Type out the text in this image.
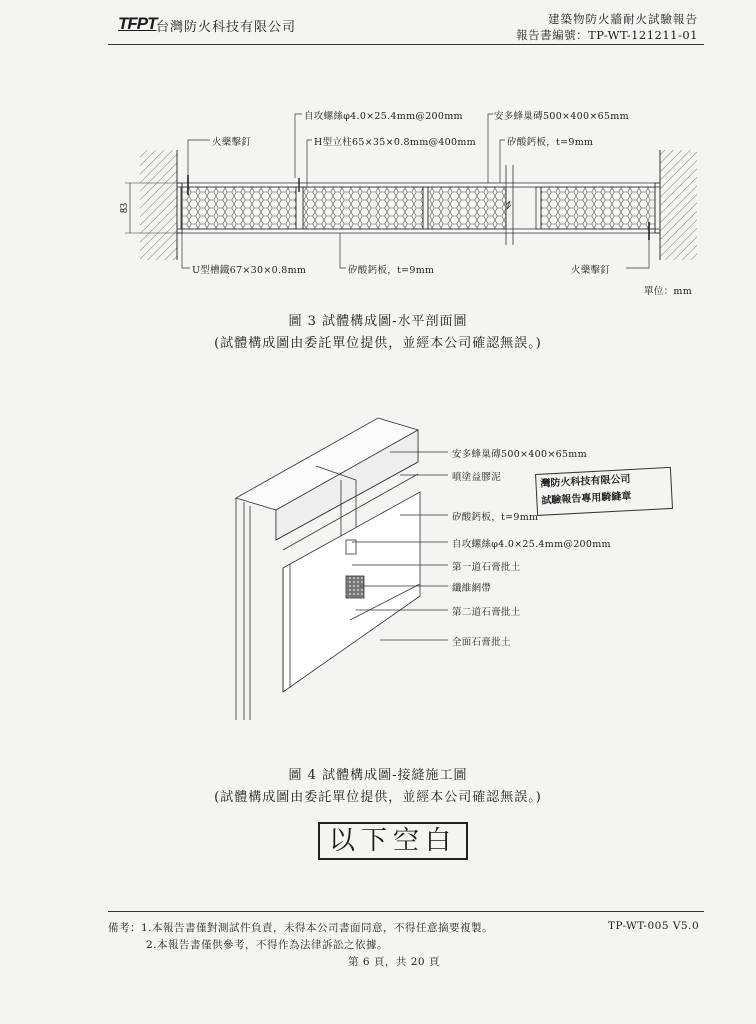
TFPT 台灣防火科技有限公司
建築物防火牆耐火試驗報告
報告書編號：TP-WT-121211-01
83
自攻螺絲φ4.0×25.4mm@200mm	安多蜂巢磚500×400×65mm
火藥擊釘	H型立柱65×35×0.8mm@400mm	矽酸鈣板，t=9mm
U型槽鐵67×30×0.8mm	矽酸鈣板，t=9mm	火藥擊釘
單位：mm
圖 3 試體構成圖-水平剖面圖
(試體構成圖由委託單位提供，並經本公司確認無誤。)
安多蜂巢磚500×400×65mm
噴塗益膠泥
矽酸鈣板，t=9mm
自攻螺絲φ4.0×25.4mm@200mm
第一道石膏批土
纖維網帶
第二道石膏批土
全面石膏批土
灣防火科技有限公司
試驗報告專用騎縫章
圖 4 試體構成圖-接縫施工圖
(試體構成圖由委託單位提供，並經本公司確認無誤。)
以下空白
備考：1.本報告書僅對測試件負責，未得本公司書面同意，不得任意摘要複製。
2.本報告書僅供參考，不得作為法律訴訟之依據。
第 6 頁，共 20 頁
TP-WT-005 V5.0
